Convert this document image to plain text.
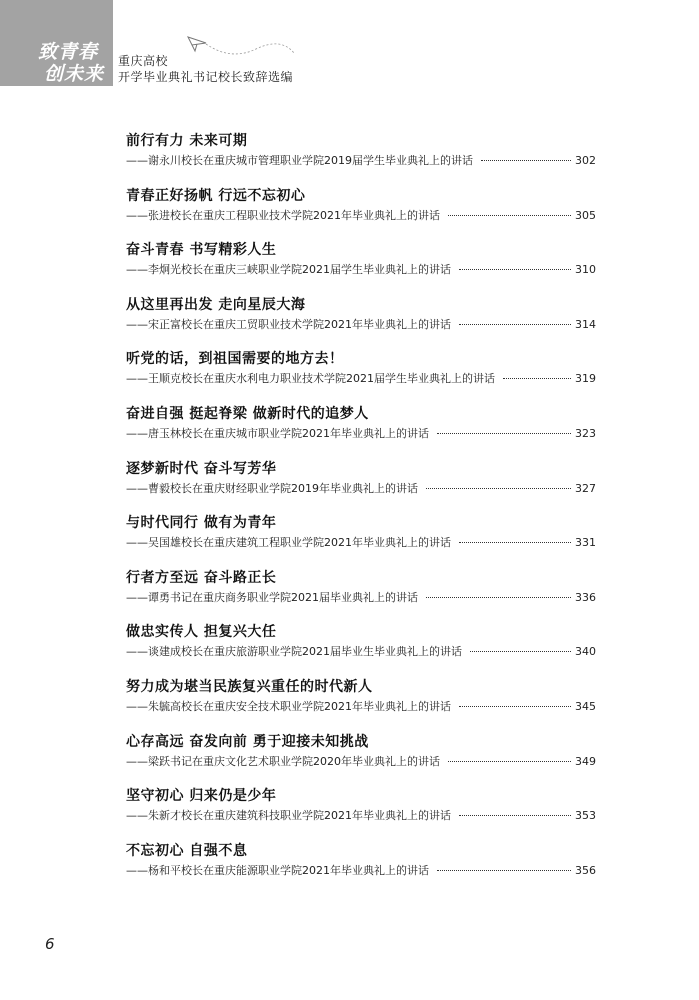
致青春
创未来
重庆高校
开学毕业典礼书记校长致辞选编
前行有力 未来可期
——谢永川校长在重庆城市管理职业学院2019届学生毕业典礼上的讲话	302
青春正好扬帆 行远不忘初心
——张进校长在重庆工程职业技术学院2021年毕业典礼上的讲话	305
奋斗青春 书写精彩人生
——李炯光校长在重庆三峡职业学院2021届学生毕业典礼上的讲话	310
从这里再出发 走向星辰大海
——宋正富校长在重庆工贸职业技术学院2021年毕业典礼上的讲话	314
听党的话，到祖国需要的地方去！
——王顺克校长在重庆水利电力职业技术学院2021届学生毕业典礼上的讲话	319
奋进自强 挺起脊梁 做新时代的追梦人
——唐玉林校长在重庆城市职业学院2021年毕业典礼上的讲话	323
逐梦新时代 奋斗写芳华
——曹毅校长在重庆财经职业学院2019年毕业典礼上的讲话	327
与时代同行 做有为青年
——吴国雄校长在重庆建筑工程职业学院2021年毕业典礼上的讲话	331
行者方至远 奋斗路正长
——谭勇书记在重庆商务职业学院2021届毕业典礼上的讲话	336
做忠实传人 担复兴大任
——谈建成校长在重庆旅游职业学院2021届毕业生毕业典礼上的讲话	340
努力成为堪当民族复兴重任的时代新人
——朱毓高校长在重庆安全技术职业学院2021年毕业典礼上的讲话	345
心存高远 奋发向前 勇于迎接未知挑战
——梁跃书记在重庆文化艺术职业学院2020年毕业典礼上的讲话	349
坚守初心 归来仍是少年
——朱新才校长在重庆建筑科技职业学院2021年毕业典礼上的讲话	353
不忘初心 自强不息
——杨和平校长在重庆能源职业学院2021年毕业典礼上的讲话	356
6
